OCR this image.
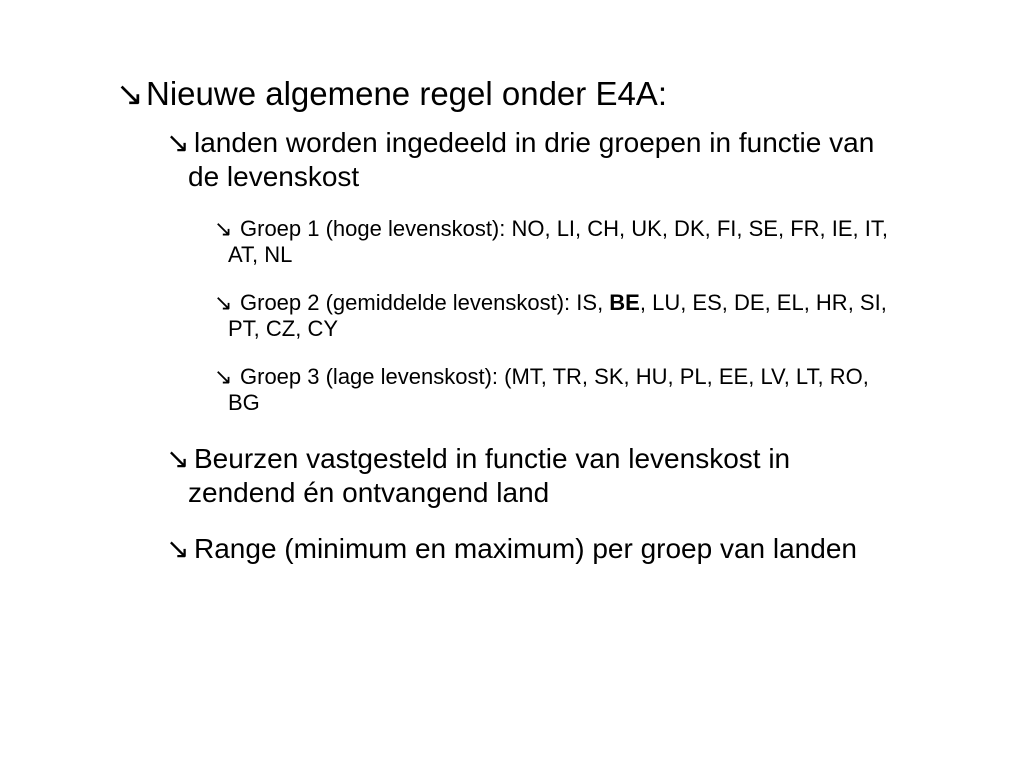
↘ Nieuwe algemene regel onder E4A:
↘ landen worden ingedeeld in drie groepen in functie van
de levenskost
↘ Groep 1 (hoge levenskost): NO, LI, CH, UK, DK, FI, SE, FR, IE, IT,
AT, NL
↘ Groep 2 (gemiddelde levenskost): IS, BE, LU, ES, DE, EL, HR, SI,
PT, CZ, CY
↘ Groep 3 (lage levenskost): (MT, TR, SK, HU, PL, EE, LV, LT, RO,
BG
↘ Beurzen vastgesteld in functie van levenskost in
zendend én ontvangend land
↘ Range (minimum en maximum) per groep van landen
